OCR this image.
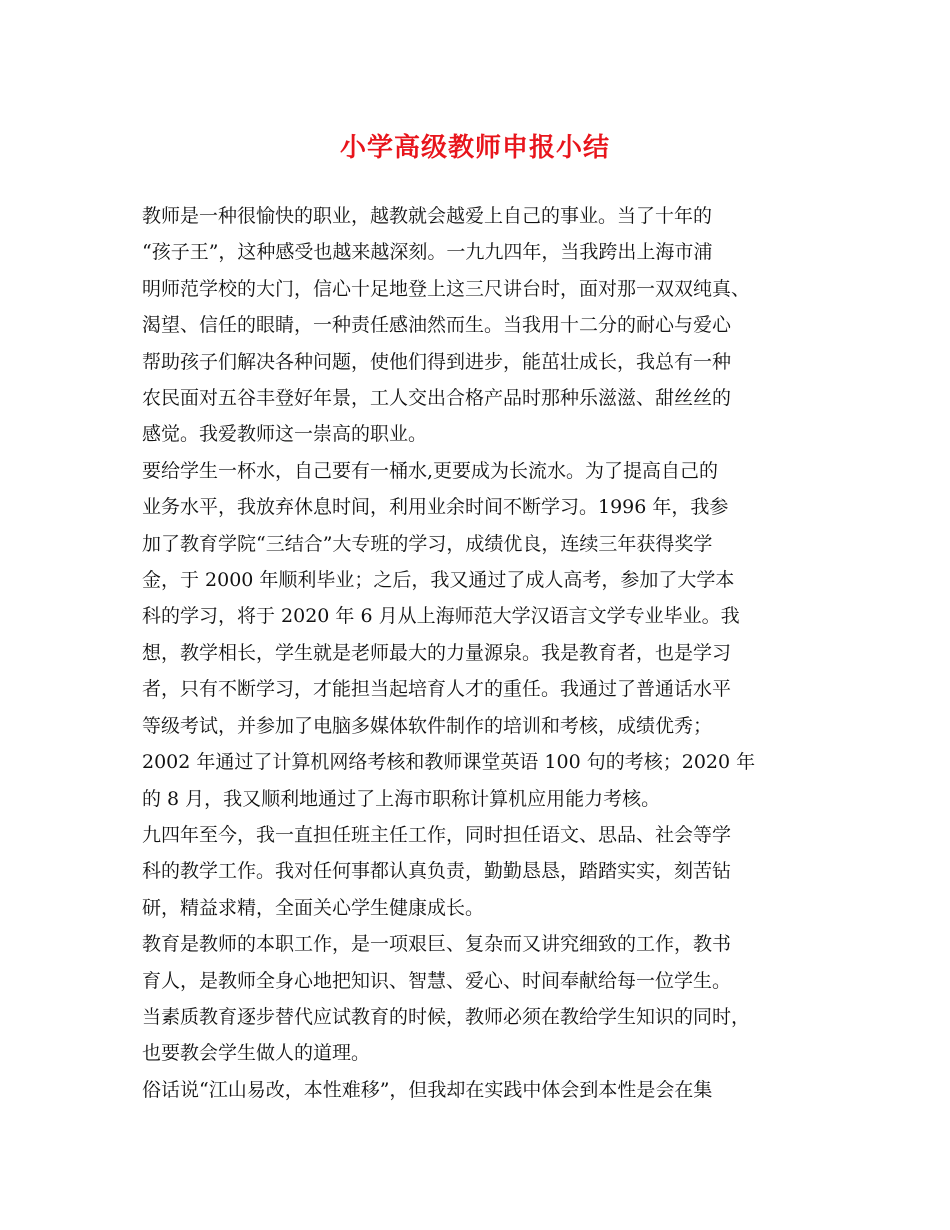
小学高级教师申报小结

教师是一种很愉快的职业，越教就会越爱上自己的事业。当了十年的
“孩子王”，这种感受也越来越深刻。一九九四年，当我跨出上海市浦
明师范学校的大门，信心十足地登上这三尺讲台时，面对那一双双纯真、
渴望、信任的眼睛，一种责任感油然而生。当我用十二分的耐心与爱心
帮助孩子们解决各种问题，使他们得到进步，能茁壮成长，我总有一种
农民面对五谷丰登好年景，工人交出合格产品时那种乐滋滋、甜丝丝的
感觉。我爱教师这一崇高的职业。

要给学生一杯水，自己要有一桶水,更要成为长流水。为了提高自己的
业务水平，我放弃休息时间，利用业余时间不断学习。1996 年，我参
加了教育学院“三结合”大专班的学习，成绩优良，连续三年获得奖学
金，于 2000 年顺利毕业；之后，我又通过了成人高考，参加了大学本
科的学习，将于 2020 年 6 月从上海师范大学汉语言文学专业毕业。我
想，教学相长，学生就是老师最大的力量源泉。我是教育者，也是学习
者，只有不断学习，才能担当起培育人才的重任。我通过了普通话水平
等级考试，并参加了电脑多媒体软件制作的培训和考核，成绩优秀；
2002 年通过了计算机网络考核和教师课堂英语 100 句的考核；2020 年
的 8 月，我又顺利地通过了上海市职称计算机应用能力考核。

九四年至今，我一直担任班主任工作，同时担任语文、思品、社会等学
科的教学工作。我对任何事都认真负责，勤勤恳恳，踏踏实实，刻苦钻
研，精益求精，全面关心学生健康成长。

教育是教师的本职工作，是一项艰巨、复杂而又讲究细致的工作，教书
育人，是教师全身心地把知识、智慧、爱心、时间奉献给每一位学生。
当素质教育逐步替代应试教育的时候，教师必须在教给学生知识的同时，
也要教会学生做人的道理。

俗话说“江山易改，本性难移”，但我却在实践中体会到本性是会在集
